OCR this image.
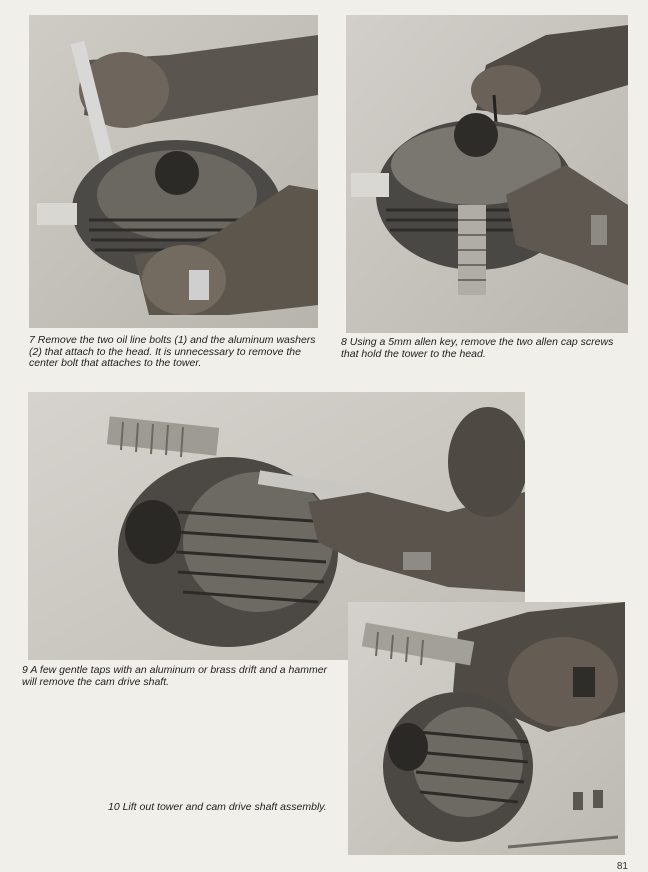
7 Remove the two oil line bolts (1) and the aluminum washers (2) that attach to the head. It is unnecessary to remove the center bolt that attaches to the tower.

8 Using a 5mm allen key, remove the two allen cap screws that hold the tower to the head.

9 A few gentle taps with an aluminum or brass drift and a hammer will remove the cam drive shaft.

10 Lift out tower and cam drive shaft assembly.

81
